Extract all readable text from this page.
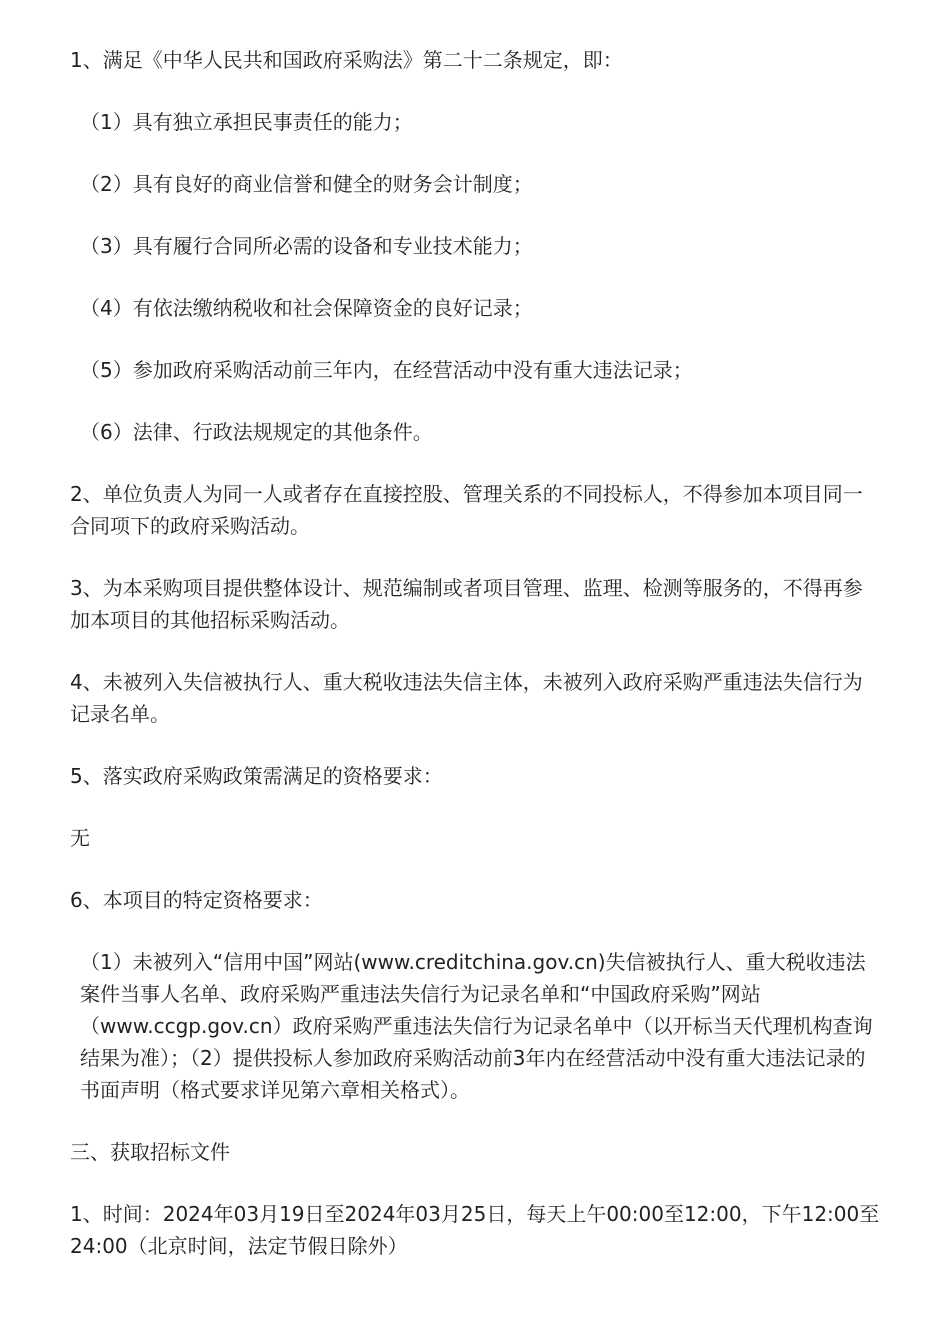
1、满足《中华人民共和国政府采购法》第二十二条规定，即：

（1）具有独立承担民事责任的能力；

（2）具有良好的商业信誉和健全的财务会计制度；

（3）具有履行合同所必需的设备和专业技术能力；

（4）有依法缴纳税收和社会保障资金的良好记录；

（5）参加政府采购活动前三年内，在经营活动中没有重大违法记录；

（6）法律、行政法规规定的其他条件。

2、单位负责人为同一人或者存在直接控股、管理关系的不同投标人，不得参加本项目同一合同项下的政府采购活动。

3、为本采购项目提供整体设计、规范编制或者项目管理、监理、检测等服务的，不得再参加本项目的其他招标采购活动。

4、未被列入失信被执行人、重大税收违法失信主体，未被列入政府采购严重违法失信行为记录名单。

5、落实政府采购政策需满足的资格要求：

无

6、本项目的特定资格要求：

（1）未被列入“信用中国”网站(www.creditchina.gov.cn)失信被执行人、重大税收违法案件当事人名单、政府采购严重违法失信行为记录名单和“中国政府采购”网站（www.ccgp.gov.cn）政府采购严重违法失信行为记录名单中（以开标当天代理机构查询结果为准）；（2）提供投标人参加政府采购活动前3年内在经营活动中没有重大违法记录的书面声明（格式要求详见第六章相关格式）。

三、获取招标文件

1、时间：2024年03月19日至2024年03月25日，每天上午00:00至12:00，下午12:00至24:00（北京时间，法定节假日除外）
